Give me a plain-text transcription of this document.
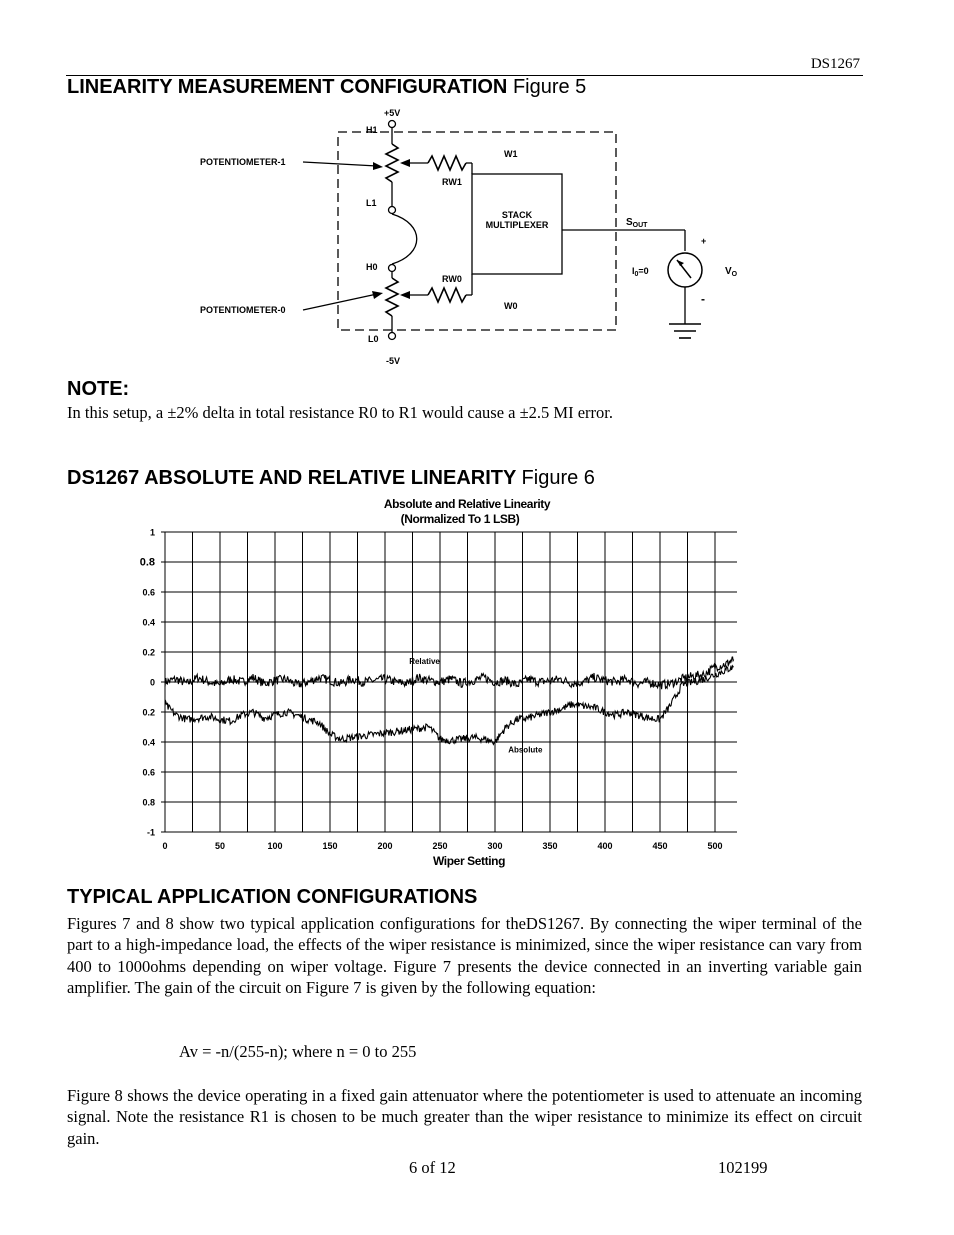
DS1267
LINEARITY MEASUREMENT CONFIGURATION Figure 5
+5V
H1
L1
H0
L0
-5V
POTENTIOMETER-1
POTENTIOMETER-0
W1
RW1
RW0
W0
STACK
MULTIPLEXER	$S_{OUT}$
$I_0=0$
+
$V_O$
-
NOTE:
In this setup, a ±2% delta in total resistance R0 to R1 would cause a ±2.5 MI error.
DS1267 ABSOLUTE AND RELATIVE LINEARITY Figure 6
Absolute and Relative Linearity
(Normalized To 1 LSB)
1
0.8
0.6
0.4
0.2
0
0.2
0.4
0.6
0.8
-1
0	50	100	150	200	250	300	350	400	450	500
Relative
Absolute
Wiper Setting
TYPICAL APPLICATION CONFIGURATIONS
Figures 7 and 8 show two typical application configurations for theDS1267. By connecting the wiper terminal of the part to a high-impedance load, the effects of the wiper resistance is minimized, since the wiper resistance can vary from 400 to 1000ohms depending on wiper voltage. Figure 7 presents the device connected in an inverting variable gain amplifier. The gain of the circuit on Figure 7 is given by the following equation:
Av = -n/(255-n); where n = 0 to 255
Figure 8 shows the device operating in a fixed gain attenuator where the potentiometer is used to attenuate an incoming signal. Note the resistance R1 is chosen to be much greater than the wiper resistance to minimize its effect on circuit gain.
6 of 12	102199
